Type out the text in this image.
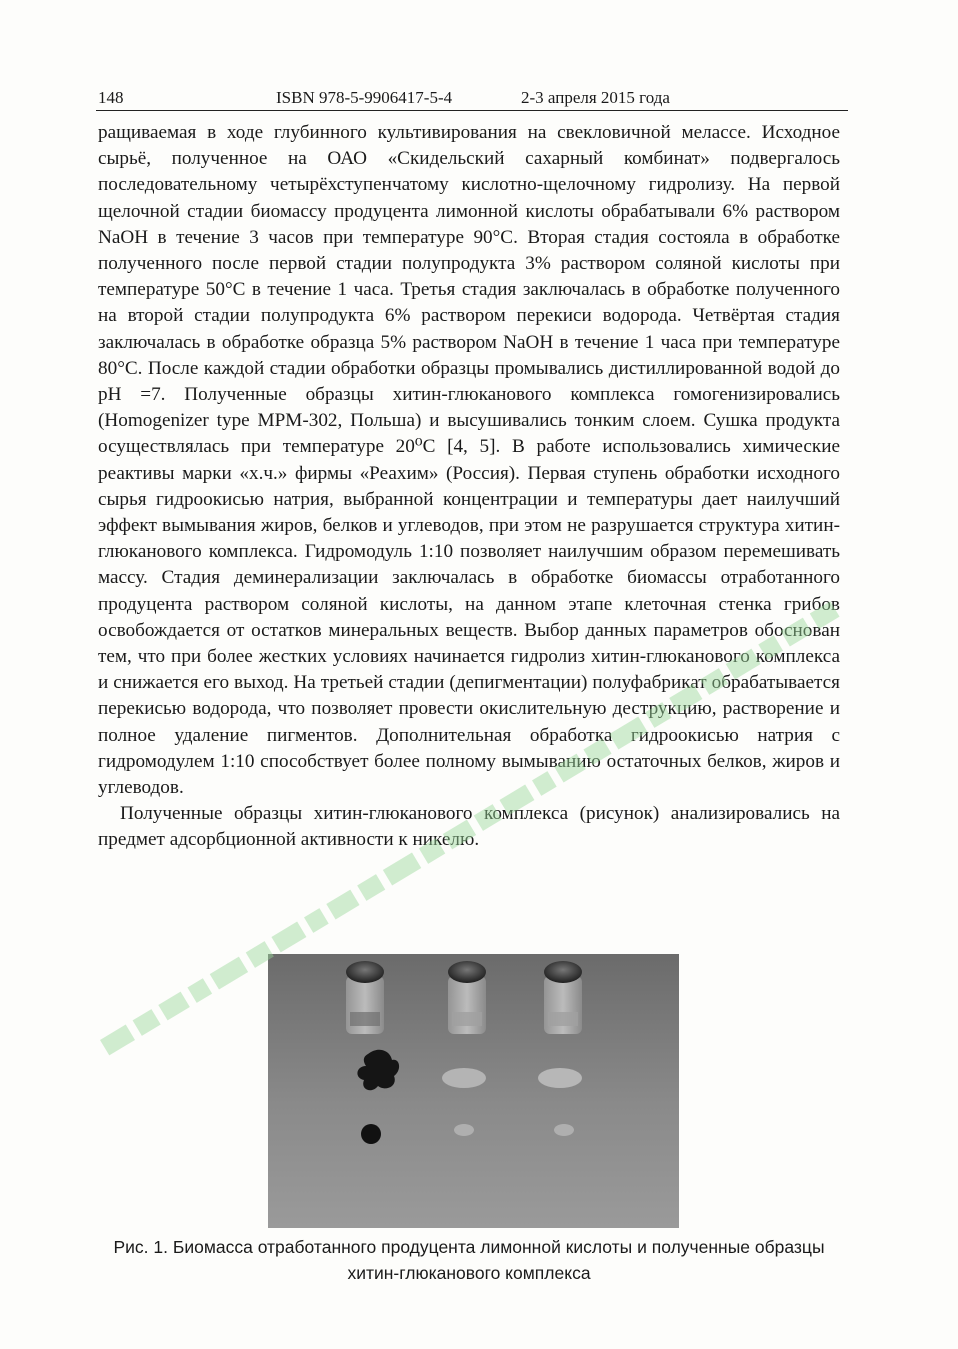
148	ISBN 978-5-9906417-5-4	2-3 апреля 2015 года

ращиваемая в ходе глубинного культивирования на свекловичной мелассе. Исходное сырьё, полученное на ОАО «Скидельский сахарный комбинат» подвергалось последовательному четырёхступенчатому кислотно-щелочному гидролизу. На первой щелочной стадии биомассу продуцента лимонной кислоты обрабатывали 6% раствором NaOH в течение 3 часов при температуре 90°С. Вторая стадия состояла в обработке полученного после первой стадии полупродукта 3% раствором соляной кислоты при температуре 50°С в течение 1 часа. Третья стадия заключалась в обработке полученного на второй стадии полупродукта 6% раствором перекиси водорода. Четвёртая стадия заключалась в обработке образца 5% раствором NaOH в течение 1 часа при температуре 80°С. После каждой стадии обработки образцы промывались дистиллированной водой до pH =7. Полученные образцы хитин-глюканового комплекса гомогенизировались (Homogenizer type MPM-302, Польша) и высушивались тонким слоем. Сушка продукта осуществлялась при температуре 20⁰С [4, 5]. В работе использовались химические реактивы марки «х.ч.» фирмы «Реахим» (Россия). Первая ступень обработки исходного сырья гидроокисью натрия, выбранной концентрации и температуры дает наилучший эффект вымывания жиров, белков и углеводов, при этом не разрушается структура хитин-глюканового комплекса. Гидромодуль 1:10 позволяет наилучшим образом перемешивать массу. Стадия деминерализации заключалась в обработке биомассы отработанного продуцента раствором соляной кислоты, на данном этапе клеточная стенка грибов освобождается от остатков минеральных веществ. Выбор данных параметров обоснован тем, что при более жестких условиях начинается гидролиз хитин-глюканового комплекса и снижается его выход. На третьей стадии (депигментации) полуфабрикат обрабатывается перекисью водорода, что позволяет провести окислительную деструкцию, растворение и полное удаление пигментов. Дополнительная обработка гидроокисью натрия с гидромодулем 1:10 способствует более полному вымыванию остаточных белков, жиров и углеводов.

Полученные образцы хитин-глюканового комплекса (рисунок) анализировались на предмет адсорбционной активности к никелю.

Рис. 1. Биомасса отработанного продуцента лимонной кислоты и полученные образцы хитин-глюканового комплекса
